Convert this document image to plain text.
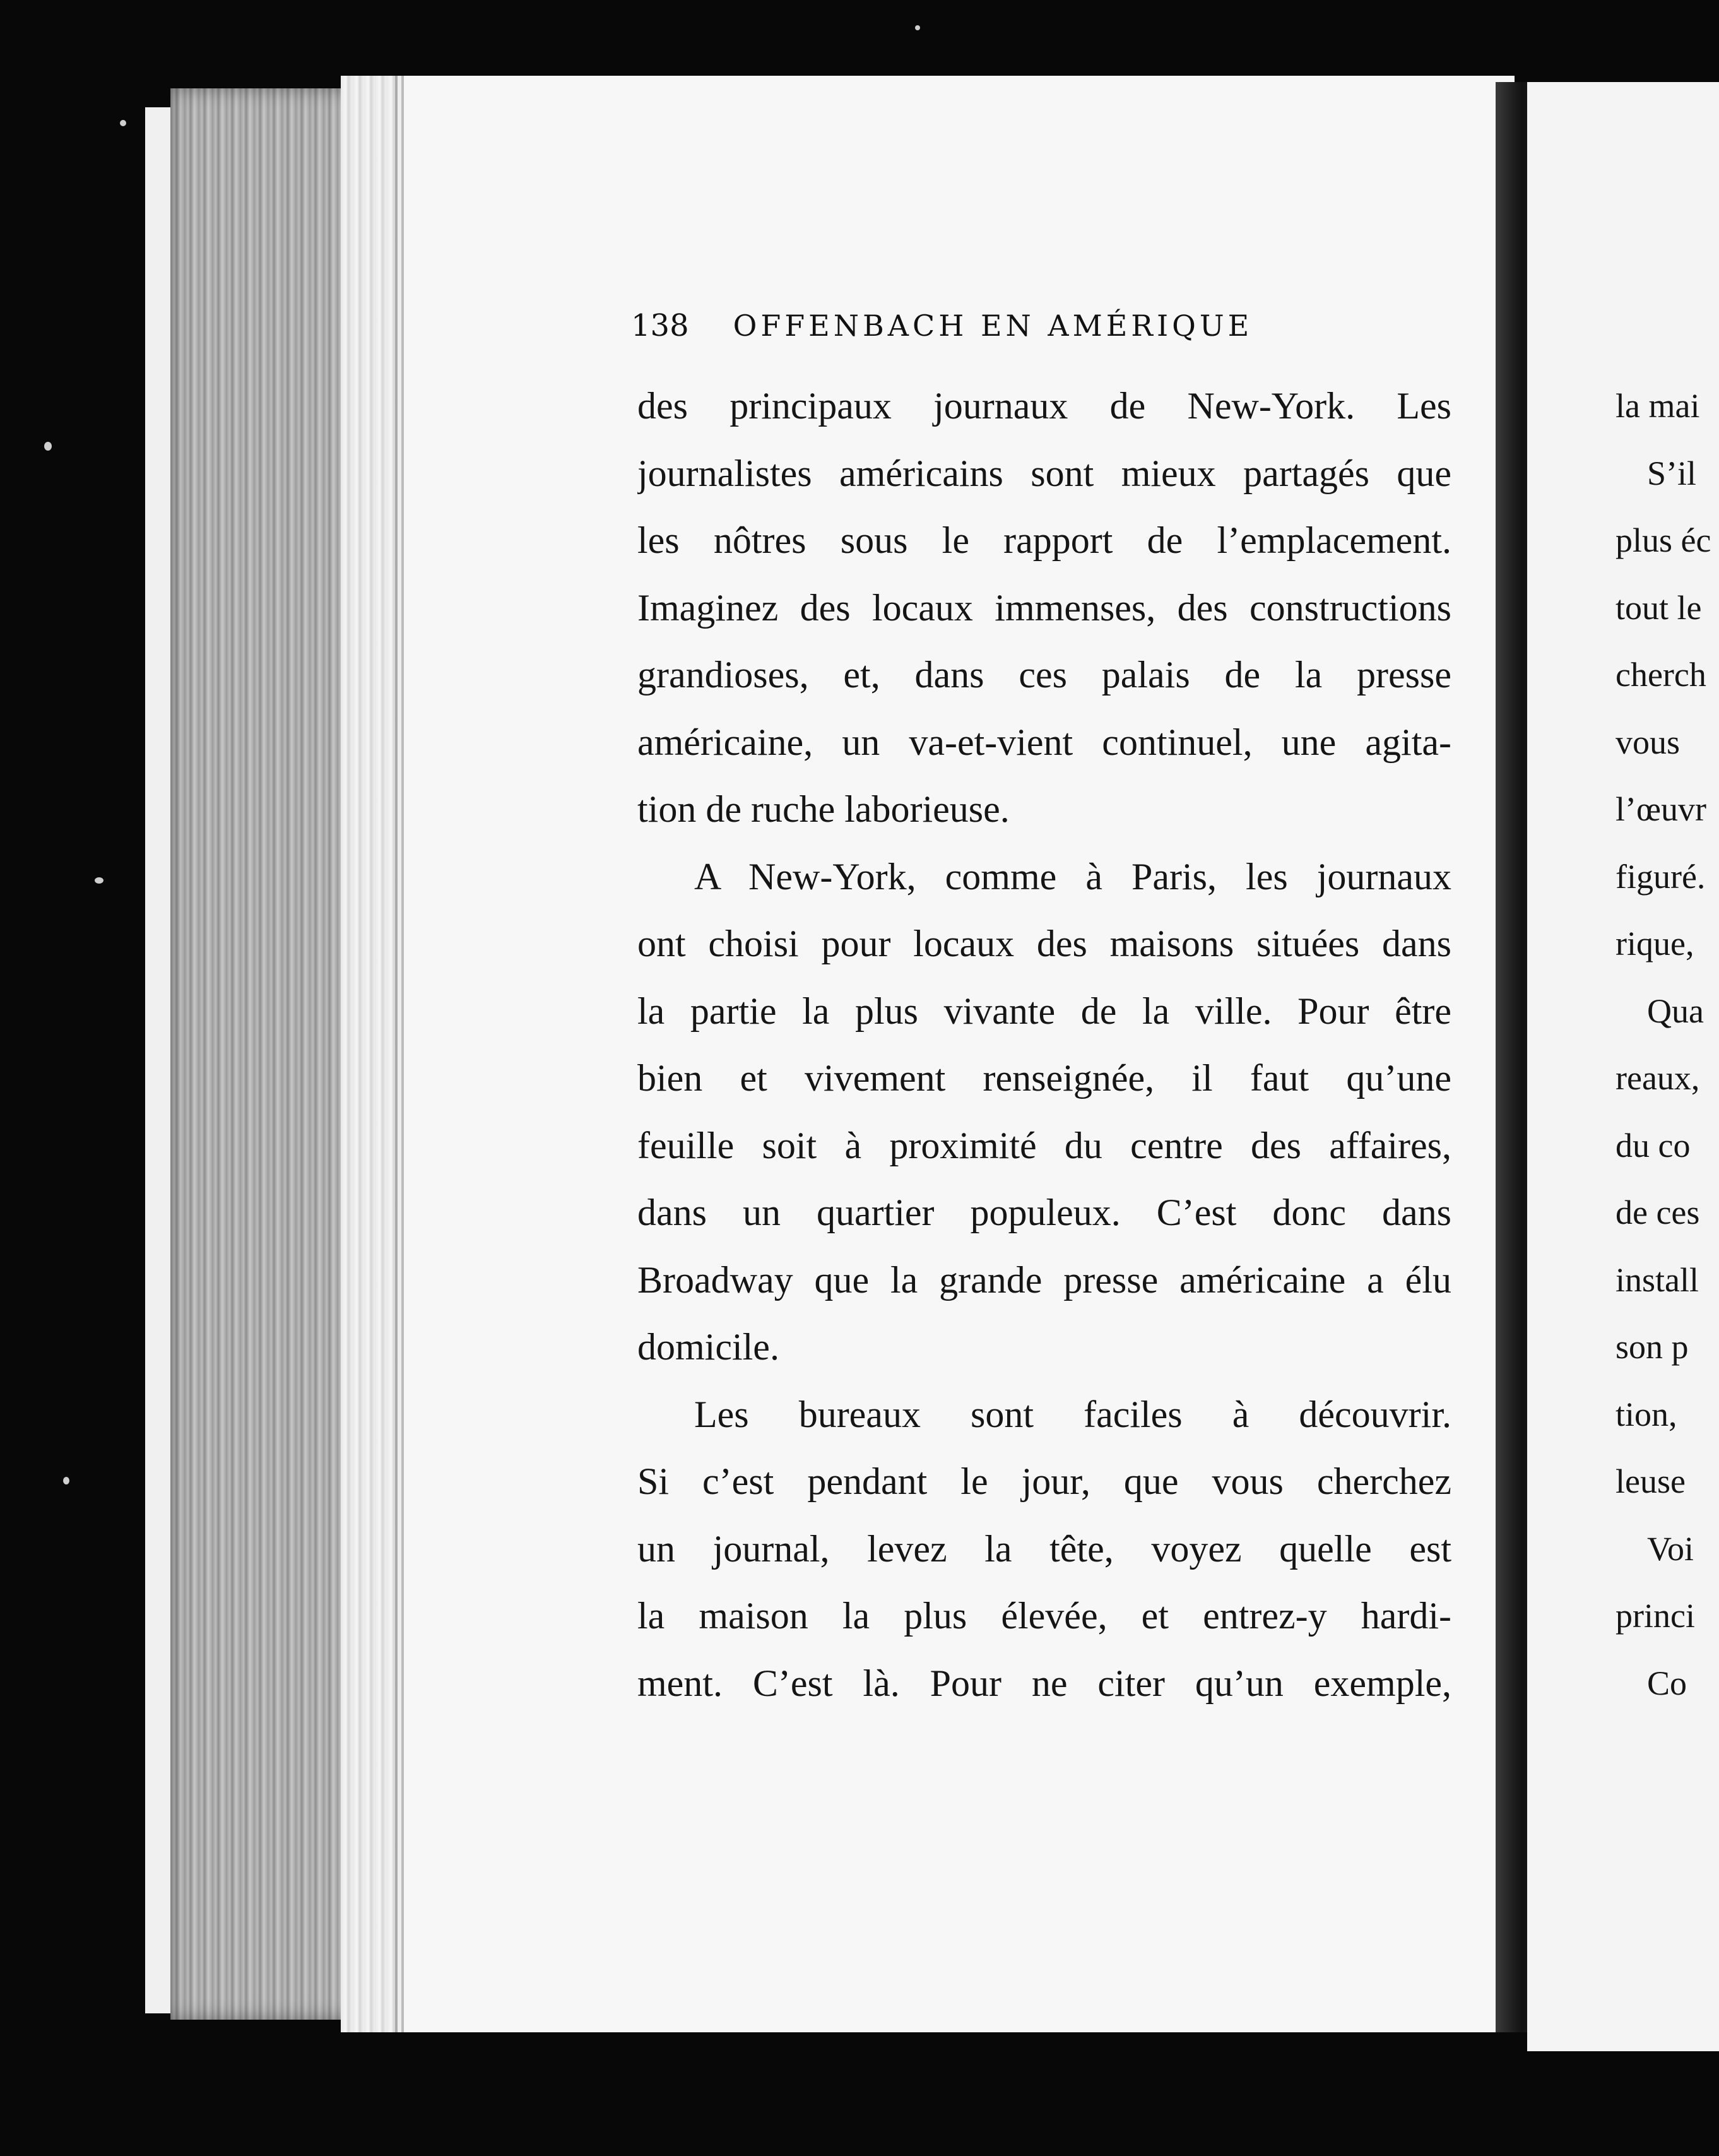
138 OFFENBACH EN AMÉRIQUE
des principaux journaux de New-York. Les
journalistes américains sont mieux partagés que
les nôtres sous le rapport de l’emplacement.
Imaginez des locaux immenses, des constructions
grandioses, et, dans ces palais de la presse
américaine, un va-et-vient continuel, une agita-
tion de ruche laborieuse.
A New-York, comme à Paris, les journaux
ont choisi pour locaux des maisons situées dans
la partie la plus vivante de la ville. Pour être
bien et vivement renseignée, il faut qu’une
feuille soit à proximité du centre des affaires,
dans un quartier populeux. C’est donc dans
Broadway que la grande presse américaine a élu
domicile.
Les bureaux sont faciles à découvrir.
Si c’est pendant le jour, que vous cherchez
un journal, levez la tête, voyez quelle est
la maison la plus élevée, et entrez-y hardi-
ment. C’est là. Pour ne citer qu’un exemple,
la mai
S’il
plus éc
tout le
cherch
vous
l’œuvr
figuré.
rique,
Qua
reaux,
du co
de ces
install
son p
tion,
leuse
Voi
princi
Co
